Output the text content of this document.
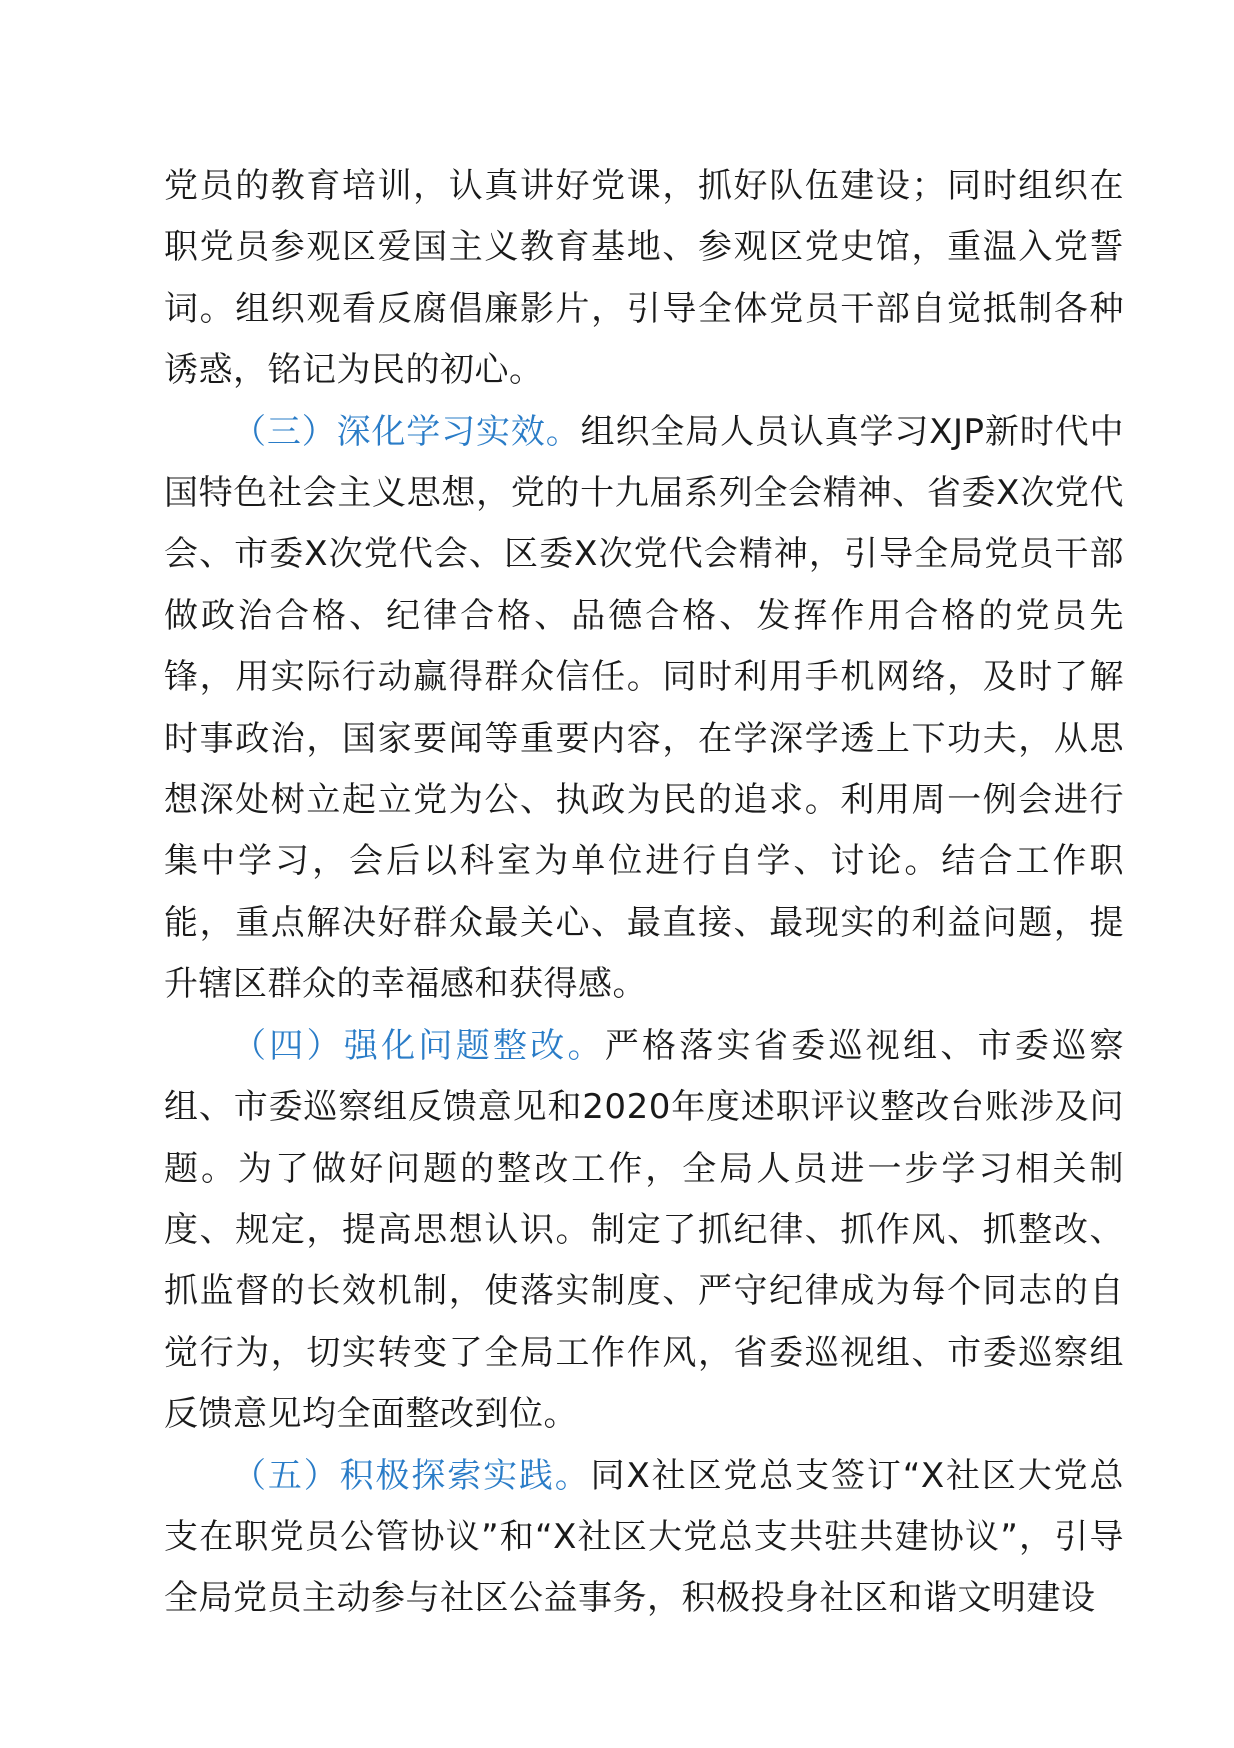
党员的教育培训，认真讲好党课，抓好队伍建设；同时组织在职党员参观区爱国主义教育基地、参观区党史馆，重温入党誓词。组织观看反腐倡廉影片，引导全体党员干部自觉抵制各种诱惑，铭记为民的初心。

（三）深化学习实效。组织全局人员认真学习XJP新时代中国特色社会主义思想，党的十九届系列全会精神、省委X次党代会、市委X次党代会、区委X次党代会精神，引导全局党员干部做政治合格、纪律合格、品德合格、发挥作用合格的党员先锋，用实际行动赢得群众信任。同时利用手机网络，及时了解时事政治，国家要闻等重要内容，在学深学透上下功夫，从思想深处树立起立党为公、执政为民的追求。利用周一例会进行集中学习，会后以科室为单位进行自学、讨论。结合工作职能，重点解决好群众最关心、最直接、最现实的利益问题，提升辖区群众的幸福感和获得感。

（四）强化问题整改。严格落实省委巡视组、市委巡察组、市委巡察组反馈意见和2020年度述职评议整改台账涉及问题。为了做好问题的整改工作，全局人员进一步学习相关制度、规定，提高思想认识。制定了抓纪律、抓作风、抓整改、抓监督的长效机制，使落实制度、严守纪律成为每个同志的自觉行为，切实转变了全局工作作风，省委巡视组、市委巡察组反馈意见均全面整改到位。

（五）积极探索实践。同X社区党总支签订“X社区大党总支在职党员公管协议”和“X社区大党总支共驻共建协议”，引导全局党员主动参与社区公益事务，积极投身社区和谐文明建设
